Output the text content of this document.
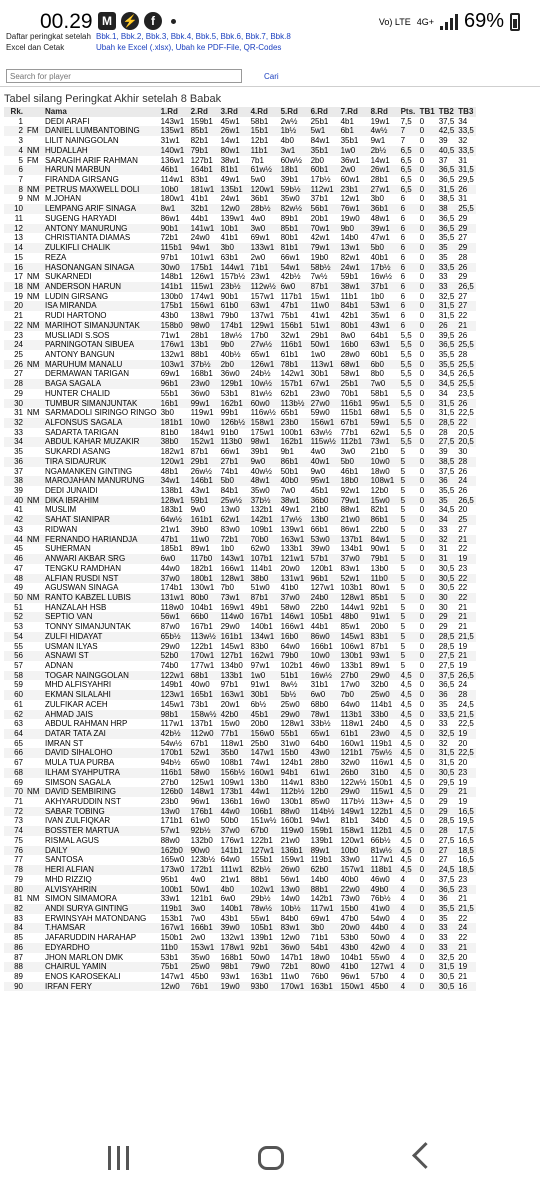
00.29 M ⚡	f	Vo) LTE 4G+ 69%
Daftar peringkat setelah Bbk.1, Bbk.2, Bbk.3, Bbk.4, Bbk.5, Bbk.6, Bbk.7, Bbk.8
Excel dan Cetak	Ubah ke Excel (.xlsx), Ubah ke PDF-File, QR-Codes
Search for player
Cari
Tabel silang Peringkat Akhir setelah 8 Babak
Rk.		Nama	1.Rd	2.Rd	3.Rd	4.Rd	5.Rd	6.Rd	7.Rd	8.Rd	Pts.	TB1	TB2	TB3
1		DEDI ARAFI	143w1	159b1	45w1	58b1	2w½	25b1	4b1	19w1	7,5	0	37,5	34
2	FM	DANIEL LUMBANTOBING	135w1	85b1	26w1	15b1	1b½	5w1	6b1	4w½	7	0	42,5	33,5
3		LILIT NAINGGOLAN	31w1	82b1	14w1	12b1	4b0	84w1	35b1	9w1	7	0	39	32
4	NM	HUDALLAH	140w1	79b1	80w1	11b1	3w1	35b1	1w0	2b½	6,5	0	40,5	33,5
5	FM	SARAGIH ARIF RAHMAN	136w1	127b1	38w1	7b1	60w½	2b0	36w1	14w1	6,5	0	37	31
6		HARUN MARBUN	46b1	164b1	81b1	61w½	18b1	60b1	2w0	26w1	6,5	0	36,5	31,5
7		FIRANDA GIRSANG	114w1	83b1	49w1	5w0	39b1	17b½	60w1	28b1	6,5	0	36,5	29,5
8	NM	PETRUS MAXWELL DOLI	10b0	181w1	135b1	120w1	59b½	112w1	23b1	27w1	6,5	0	31,5	26
9	NM	M.JOHAN	180w1	41b1	24w1	36b1	35w0	37b1	12w1	3b0	6	0	38,5	31
10		LEMPANG ARIF SINAGA	8w1	32b1	12w0	28b½	82w½	56b1	76w1	36b1	6	0	38	25,5
11		SUGENG HARYADI	86w1	44b1	139w1	4w0	89b1	20b1	19w0	48w1	6	0	36,5	29
12		ANTONY MANURUNG	90b1	141w1	10b1	3w0	85b1	70w1	9b0	39w1	6	0	36,5	29
13		CHRISTIANTA DIAMAS	72b1	24w0	41b1	69w1	80b1	42w1	14b0	47w1	6	0	35,5	27
14		ZULKIFLI CHALIK	115b1	94w1	3b0	133w1	81b1	79w1	13w1	5b0	6	0	35	29
15		REZA	97b1	101w1	63b1	2w0	66w1	19b0	82w1	40b1	6	0	35	28
16		HASONANGAN SINAGA	30w0	175b1	144w1	71b1	54w1	58b½	24w1	17b½	6	0	33,5	26
17	NM	SUKARNEDI	148b1	126w1	157b½	23w1	42b½	7w½	59b1	16w½	6	0	33	29
18	NM	ANDERSON HARUN	141b1	115w1	23b½	112w½	6w0	87b1	38w1	37b1	6	0	33	26,5
19	NM	LUDIN GIRSANG	130b0	174w1	90b1	157w1	117b1	15w1	11b1	1b0	6	0	32,5	27
20		ISA MIRANDA	175b1	156w1	61b0	63w1	47b1	11w0	84b1	53w1	6	0	31,5	27
21		RUDI HARTONO	43b0	138w1	79b0	137w1	75b1	41w1	42b1	35w1	6	0	31,5	22
22	NM	MARIHOT SIMANJUNTAK	158b0	98w0	174b1	129w1	156b1	51w1	80b1	43w1	6	0	26	21
23		MUSLIADI S.SOS	71w1	28b1	18w½	17b0	32w1	29b1	8w0	64b1	5,5	0	39,5	26
24		PARNINGOTAN SIBUEA	176w1	13b1	9b0	27w½	116b1	50w1	16b0	63w1	5,5	0	36,5	25,5
25		ANTONY BANGUN	132w1	88b1	40b½	65w1	61b1	1w0	28w0	60b1	5,5	0	35,5	28
26	NM	MARUHUM MANALU	103w1	37b½	2b0	126w1	78b1	113w1	68w1	6b0	5,5	0	35,5	25,5
27		DERMAWAN TARIGAN	69w1	168b1	36w0	24b½	142w1	30b1	58w1	8b0	5,5	0	34,5	26,5
28		BAGA SAGALA	96b1	23w0	129b1	10w½	157b1	67w1	25b1	7w0	5,5	0	34,5	25,5
29		HUNTER CHALID	55b1	36w0	53b1	81w½	62b1	23w0	70b1	58b1	5,5	0	34	23,5
30		TUMBUR SIMANJUNTAK	16b1	99w1	162b1	60w0	113b½	27w0	116b1	95w1	5,5	0	31,5	26
31	NM	SARMADOLI SIRINGO RINGO	3b0	119w1	99b1	116w½	65b1	59w0	115b1	68w1	5,5	0	31,5	22,5
32		ALFONSUS SAGALA	181b1	10w0	126b½	158w1	23b0	156w1	67b1	59w1	5,5	0	28,5	22
33		SADARTA TARIGAN	81b0	184w1	91b0	175w1	100b1	63w½	77b1	62w1	5,5	0	28	20,5
34		ABDUL KAHAR MUZAKIR	38b0	152w1	113b0	98w1	162b1	115w½	112b1	73w1	5,5	0	27,5	20,5
35		SUKARDI ASANG	182w1	87b1	66w1	39b1	9b1	4w0	3w0	21b0	5	0	39	30
36		TIRA SIDAURUK	120w1	29b1	27b1	9w0	86b1	40w1	5b0	10w0	5	0	38,5	28
37		NGAMANKEN GINTING	48b1	26w½	74b1	40w½	50b1	9w0	46b1	18w0	5	0	37,5	26
38		MAROJAHAN MANURUNG	34w1	146b1	5b0	48w1	40b0	95w1	18b0	108w1	5	0	36	24
39		DEDI JUNAIDI	138b1	43w1	84b1	35w0	7w0	45b1	92w1	12b0	5	0	35,5	26
40	NM	DIKA IBRAHIM	128w1	59b1	25w½	37b½	38w1	36b0	79w1	15w0	5	0	35	26,5
41		MUSLIM	183b1	9w0	13w0	132b1	49w1	21b0	88w1	82b1	5	0	34,5	20
42		SAHAT SIANIPAR	64w½	161b1	62w1	142b1	17w½	13b0	21w0	86b1	5	0	34	25
43		RIDWAN	21w1	39b0	83w0	109b1	139w1	66b1	86w1	22b0	5	0	33	27
44	NM	FERNANDO HARIANDJA	47b1	11w0	72b1	70b0	163w1	53w0	137b1	84w1	5	0	32	21
45		SUHERMAN	185b1	89w1	1b0	62w0	133b1	39w0	134b1	90w1	5	0	31	22
46		ANWARI AKBAR SRG	6w0	117b0	143w1	107b1	121w1	57b1	37w0	79b1	5	0	31	19
47		TENGKU RAMDHAN	44w0	182b1	166w1	114b1	20w0	120b1	83w1	13b0	5	0	30,5	23
48		ALFIAN RUSDI NST	37w0	180b1	128w1	38b0	131w1	96b1	52w1	11b0	5	0	30,5	22
49		AGUSWAN SINAGA	174b1	130w1	7b0	51w0	41b0	127w1	103b1	80w1	5	0	30,5	22
50	NM	RANTO KABZEL LUBIS	131w1	80b0	73w1	87b1	37w0	24b0	128w1	85b1	5	0	30	22
51		HANZALAH HSB	118w0	104b1	169w1	49b1	58w0	22b0	144w1	92b1	5	0	30	21
52		SEPTIO VAN	56w1	66b0	114w0	167b1	146w1	105b1	48b0	91w1	5	0	29	21
53		TONNY SIMANJUNTAK	87w0	167b1	29w0	140b1	166w1	44b1	85w1	20b0	5	0	29	21
54		ZULFI HIDAYAT	65b½	113w½	161b1	134w1	16b0	86w0	145w1	83b1	5	0	28,5	21,5
55		USMAN ILYAS	29w0	122b1	145w1	83b0	64w0	166b1	106w1	87b1	5	0	28,5	19
56		ASNAWI ST	52b0	170w1	127b1	162w1	79b0	10w0	130b1	93w1	5	0	27,5	21
57		ADNAN	74b0	177w1	134b0	97w1	102b1	46w0	133b1	89w1	5	0	27,5	19
58		TOGAR NAINGGOLAN	122w1	68b1	133b1	1w0	51b1	16w½	27b0	29w0	4,5	0	37,5	26,5
59		MHD ALFISYAHRI	149b1	40w0	97b1	91w1	8w½	31b1	17w0	32b0	4,5	0	36,5	24
60		EKMAN SILALAHI	123w1	165b1	163w1	30b1	5b½	6w0	7b0	25w0	4,5	0	36	28
61		ZULFIKAR ACEH	145w1	73b1	20w1	6b½	25w0	68b0	64w0	114b1	4,5	0	35	24,5
62		AHMAD JAIS	98b1	158w½	42b0	45b1	29w0	78w1	113b1	33b0	4,5	0	33,5	21,5
63		ABDUL RAHMAN HRP	117w1	137b1	15w0	20b0	128w1	33b½	118w1	24b0	4,5	0	33	22,5
64		DATAR TATA ZAI	42b½	112w0	77b1	156w0	55b1	65w1	61b1	23w0	4,5	0	32,5	19
65		IMRAN ST	54w½	67b1	118w1	25b0	31w0	64b0	160w1	119b1	4,5	0	32	20
66		DAVID SIHALOHO	170b1	52w1	35b0	147w1	15b0	43w0	121b1	75w½	4,5	0	31,5	22,5
67		MULA TUA PURBA	94b½	65w0	108b1	74w1	124b1	28b0	32w0	116w1	4,5	0	31,5	20
68		ILHAM SYAHPUTRA	116b1	58w0	156b½	160w1	94b1	61w1	26b0	31b0	4,5	0	30,5	23
69		SIMSON SAGALA	27b0	125w1	109w1	13b0	114w1	83b0	122w½	150b1	4,5	0	29,5	19
70	NM	DAVID SEMBIRING	126b0	148w1	173b1	44w1	112b½	12b0	29w0	115w1	4,5	0	29	21
71		AKHYARUDDIN NST	23b0	96w1	136b1	16w0	130b1	85w0	117b½	113w+	4,5	0	29	19
72		SABAR TOBING	13w0	176b1	44w0	106b1	88w0	114b½	149w1	122b1	4,5	0	29	16,5
73		IVAN ZULFIQKAR	171b1	61w0	50b0	151w½	160b1	94w1	81b1	34b0	4,5	0	28,5	19,5
74		BOSSTER MARTUA	57w1	92b½	37w0	67b0	119w0	159b1	158w1	112b1	4,5	0	28	17,5
75		RISMAL AGUS	88w0	132b0	176w1	122b1	21w0	139b1	120w1	66b½	4,5	0	27,5	16,5
76		DAILY	162b0	90w0	141b1	127w1	136b1	89w1	10b0	81w½	4,5	0	27	18,5
77		SANTOSA	165w0	123b½	64w0	155b1	159w1	119b1	33w0	117w1	4,5	0	27	16,5
78		HERI ALFIAN	173w0	172b1	111w1	82b½	26w0	62b0	157w1	118b1	4,5	0	24,5	18,5
79		MHD RIZZIQ	95b1	4w0	21w1	88b1	56w1	14b0	40b0	46w0	4	0	37,5	23
80		ALVISYAHRIN	100b1	50w1	4b0	102w1	13w0	88b1	22w0	49b0	4	0	36,5	23
81	NM	SIMON SIMAMORA	33w1	121b1	6w0	29b½	14w0	142b1	73w0	76b½	4	0	36	21
82		ANDI SURYA GINTING	119b1	3w0	140b1	78w½	10b½	117w1	15b0	41w0	4	0	35,5	21,5
83		ERWINSYAH MATONDANG	153b1	7w0	43b1	55w1	84b0	69w1	47b0	54w0	4	0	35	22
84		T.HAMSAR	167w1	166b1	39w0	105b1	83w1	3b0	20w0	44b0	4	0	33	24
85		JAFARUDDIN HARAHAP	150b1	2w0	132w1	139b1	12w0	71b1	53b0	50w0	4	0	33	22
86		EDYARDHO	11b0	153w1	178w1	92b1	36w0	54b1	43b0	42w0	4	0	33	21
87		JHON MARLON DMK	53b1	35w0	168b1	50w0	147b1	18w0	104b1	55w0	4	0	32,5	20
88		CHAIRUL YAMIN	75b1	25w0	98b1	79w0	72b1	80w0	41b0	127w1	4	0	31,5	19
89		ENOS KAROSEKALI	147w1	45b0	93w1	163b1	11w0	76b0	96w1	57b0	4	0	30,5	21
90		IRFAN FERY	12w0	76b1	19w0	93b0	170w1	163b1	150w1	45b0	4	0	30,5	16
